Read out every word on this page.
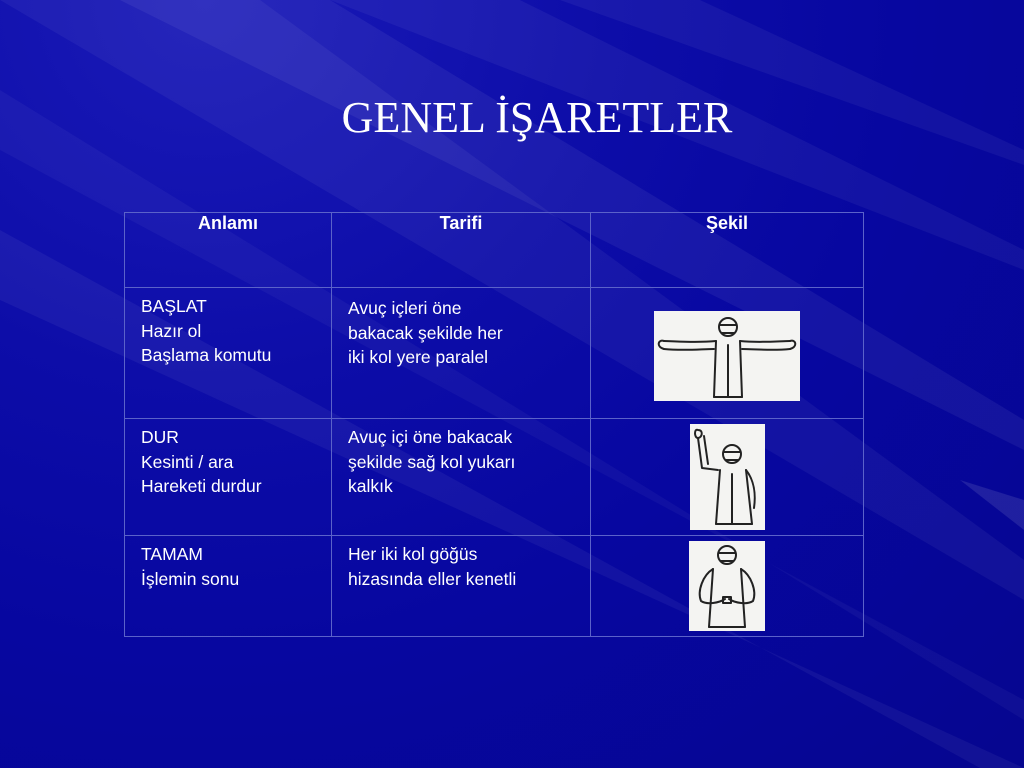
GENEL İŞARETLER
Anlamı	Tarifi	Şekil

BAŞLAT
Hazır ol
Başlama komutu	Avuç içleri öne
bakacak şekilde her
iki kol yere paralel

DUR
Kesinti / ara
Hareketi durdur	Avuç içi öne bakacak
şekilde sağ kol yukarı
kalkık

TAMAM
İşlemin sonu	Her iki kol göğüs
hizasında eller kenetli
